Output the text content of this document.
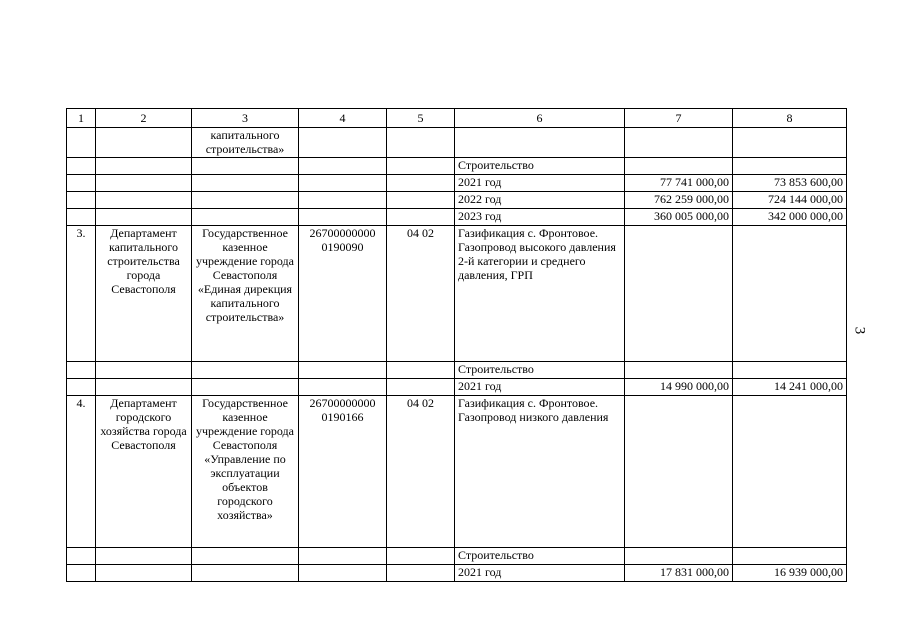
1	2	3	4	5	6	7	8
		капитального строительства»					
					Строительство		
					2021 год	77 741 000,00	73 853 600,00
					2022 год	762 259 000,00	724 144 000,00
					2023 год	360 005 000,00	342 000 000,00
3.	Департамент капитального строительства города Севастополя	Государственное казенное учреждение города Севастополя «Единая дирекция капитального строительства»	26700000000 0190090	04 02	Газификация с. Фронтовое. Газопровод высокого давления
2-й категории и среднего давления, ГРП		
					Строительство		
					2021 год	14 990 000,00	14 241 000,00
4.	Департамент городского хозяйства города Севастополя	Государственное казенное учреждение города Севастополя «Управление по эксплуатации объектов городского хозяйства»	26700000000 0190166	04 02	Газификация с. Фронтовое. Газопровод низкого давления		
					Строительство		
					2021 год	17 831 000,00	16 939 000,00
3
